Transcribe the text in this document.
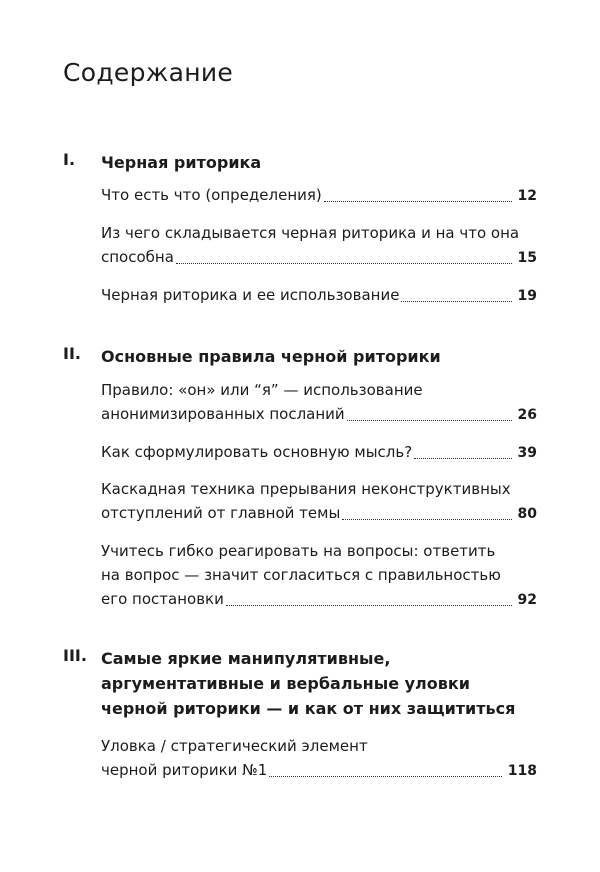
Содержание
I. Черная риторика
Что есть что (определения)	12
Из чего складывается черная риторика и на что она
способна	15
Черная риторика и ее использование	19
II. Основные правила черной риторики
Правило: «он» или “я” — использование
анонимизированных посланий	26
Как сформулировать основную мысль?	39
Каскадная техника прерывания неконструктивных
отступлений от главной темы	80
Учитесь гибко реагировать на вопросы: ответить
на вопрос — значит согласиться с правильностью
его постановки	92
III. Самые яркие манипулятивные,
аргументативные и вербальные уловки
черной риторики — и как от них защититься
Уловка / стратегический элемент
черной риторики №1	118
